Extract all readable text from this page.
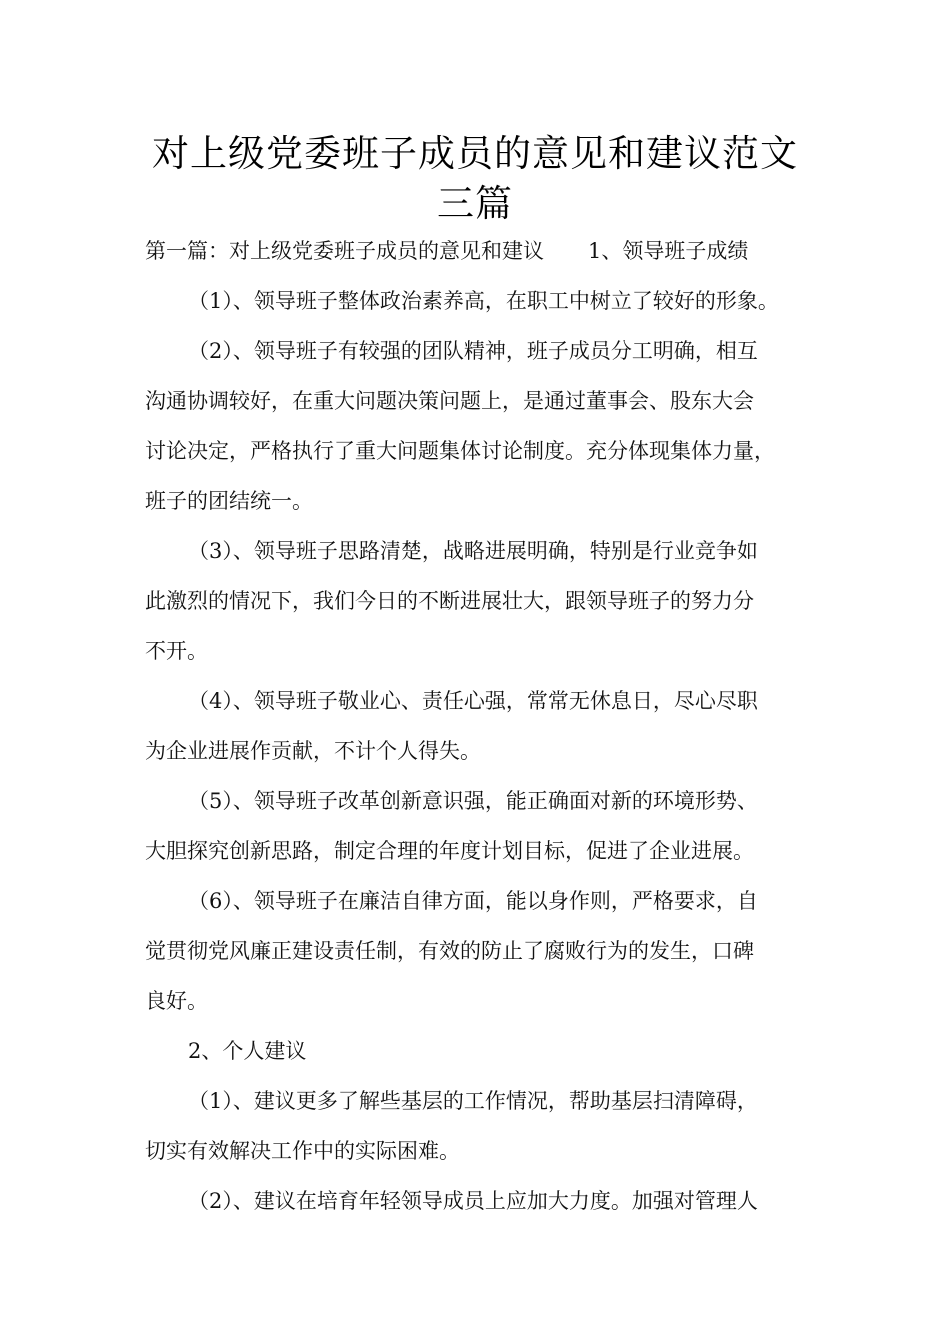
对上级党委班子成员的意见和建议范文
三篇
第一篇：对上级党委班子成员的意见和建议 1、领导班子成绩
（1）、领导班子整体政治素养高，在职工中树立了较好的形象。
（2）、领导班子有较强的团队精神，班子成员分工明确，相互
沟通协调较好，在重大问题决策问题上，是通过董事会、股东大会
讨论决定，严格执行了重大问题集体讨论制度。充分体现集体力量，
班子的团结统一。
（3）、领导班子思路清楚，战略进展明确，特别是行业竞争如
此激烈的情况下，我们今日的不断进展壮大，跟领导班子的努力分
不开。
（4）、领导班子敬业心、责任心强，常常无休息日，尽心尽职
为企业进展作贡献，不计个人得失。
（5）、领导班子改革创新意识强，能正确面对新的环境形势、
大胆探究创新思路，制定合理的年度计划目标，促进了企业进展。
（6）、领导班子在廉洁自律方面，能以身作则，严格要求，自
觉贯彻党风廉正建设责任制，有效的防止了腐败行为的发生，口碑
良好。
2、个人建议
（1）、建议更多了解些基层的工作情况，帮助基层扫清障碍，
切实有效解决工作中的实际困难。
（2）、建议在培育年轻领导成员上应加大力度。加强对管理人
